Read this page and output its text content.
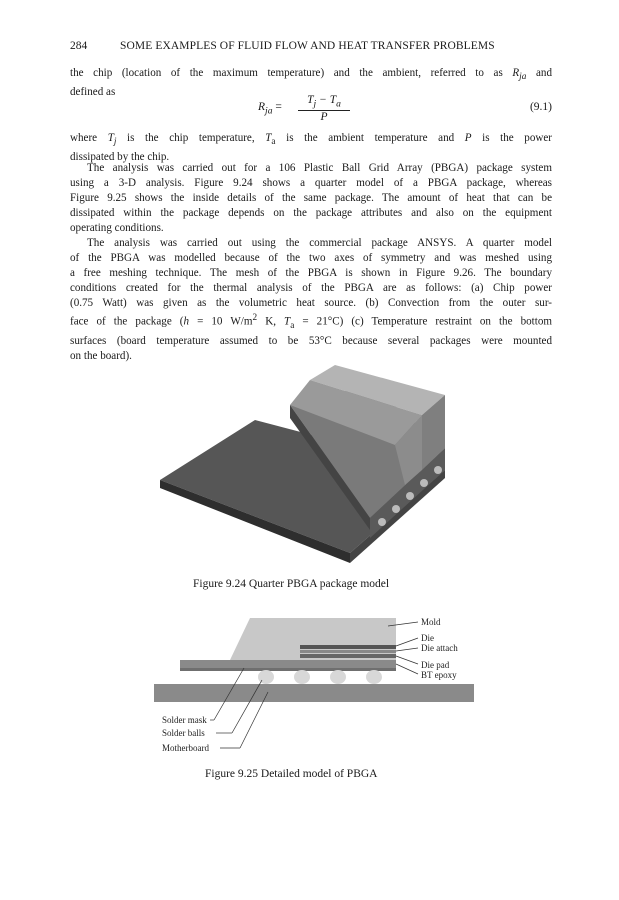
284	SOME EXAMPLES OF FLUID FLOW AND HEAT TRANSFER PROBLEMS
the chip (location of the maximum temperature) and the ambient, referred to as $R_{ja}$ and
defined as
$R_{ja} = \frac{T_j - T_a}{P}$	(9.1)
where $T_j$ is the chip temperature, $T_a$ is the ambient temperature and P is the power
dissipated by the chip.
The analysis was carried out for a 106 Plastic Ball Grid Array (PBGA) package system
using a 3-D analysis. Figure 9.24 shows a quarter model of a PBGA package, whereas
Figure 9.25 shows the inside details of the same package. The amount of heat that can be
dissipated within the package depends on the package attributes and also on the equipment
operating conditions.
The analysis was carried out using the commercial package ANSYS. A quarter model
of the PBGA was modelled because of the two axes of symmetry and was meshed using
a free meshing technique. The mesh of the PBGA is shown in Figure 9.26. The boundary
conditions created for the thermal analysis of the PBGA are as follows: (a) Chip power
(0.75 Watt) was given as the volumetric heat source. (b) Convection from the outer sur-
face of the package (h = 10 $W/m^2$ K, $T_a = 21^\circ C$) (c) Temperature restraint on the bottom
surfaces (board temperature assumed to be 53°C because several packages were mounted
on the board).
Figure 9.24 Quarter PBGA package model
Mold
Die
Die attach
Die pad
BT epoxy
Solder mask
Solder balls
Motherboard
Figure 9.25 Detailed model of PBGA
